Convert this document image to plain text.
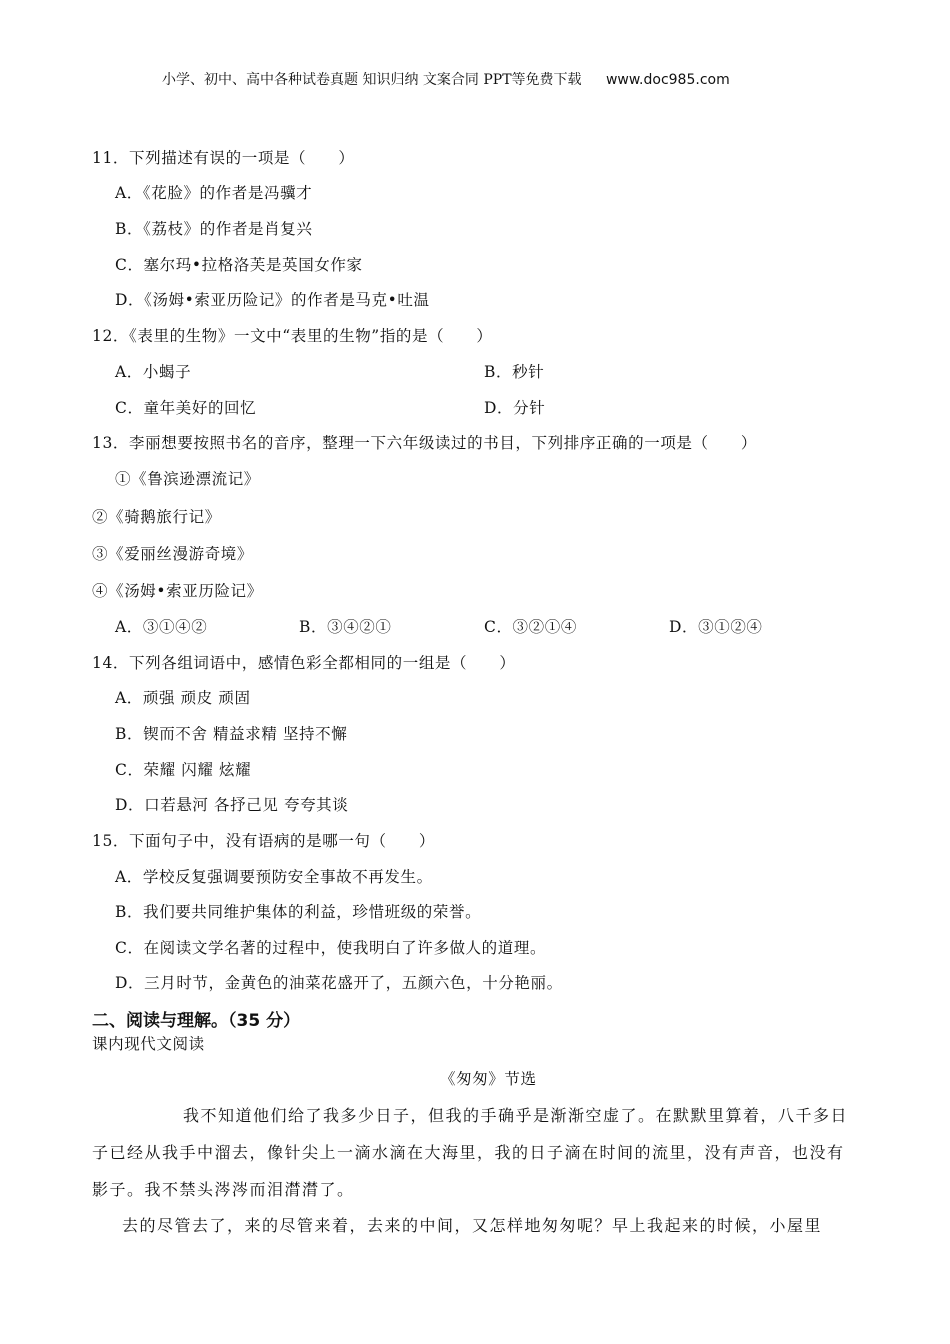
小学、初中、高中各种试卷真题 知识归纳 文案合同 PPT等免费下载 www.doc985.com
11．下列描述有误的一项是（　　）
A．《花脸》的作者是冯骥才
B．《荔枝》的作者是肖复兴
C．塞尔玛•拉格洛芙是英国女作家
D．《汤姆•索亚历险记》的作者是马克•吐温
12．《表里的生物》一文中“表里的生物”指的是（　　）
A．小蝎子	B．秒针
C．童年美好的回忆	D．分针
13．李丽想要按照书名的音序，整理一下六年级读过的书目，下列排序正确的一项是（　　）
①《鲁滨逊漂流记》
②《骑鹅旅行记》
③《爱丽丝漫游奇境》
④《汤姆•索亚历险记》
A．③①④②	B．③④②①	C．③②①④	D．③①②④
14．下列各组词语中，感情色彩全都相同的一组是（　　）
A．顽强 顽皮 顽固
B．锲而不舍 精益求精 坚持不懈
C．荣耀 闪耀 炫耀
D．口若悬河 各抒己见 夸夸其谈
15．下面句子中，没有语病的是哪一句（　　）
A．学校反复强调要预防安全事故不再发生。
B．我们要共同维护集体的利益，珍惜班级的荣誉。
C．在阅读文学名著的过程中，使我明白了许多做人的道理。
D．三月时节，金黄色的油菜花盛开了，五颜六色，十分艳丽。
二、阅读与理解。（35 分）
课内现代文阅读
《匆匆》节选
我不知道他们给了我多少日子，但我的手确乎是渐渐空虚了。在默默里算着，八千多日
子已经从我手中溜去，像针尖上一滴水滴在大海里，我的日子滴在时间的流里，没有声音，也没有
影子。我不禁头涔涔而泪潸潸了。
去的尽管去了，来的尽管来着，去来的中间，又怎样地匆匆呢？早上我起来的时候，小屋里
